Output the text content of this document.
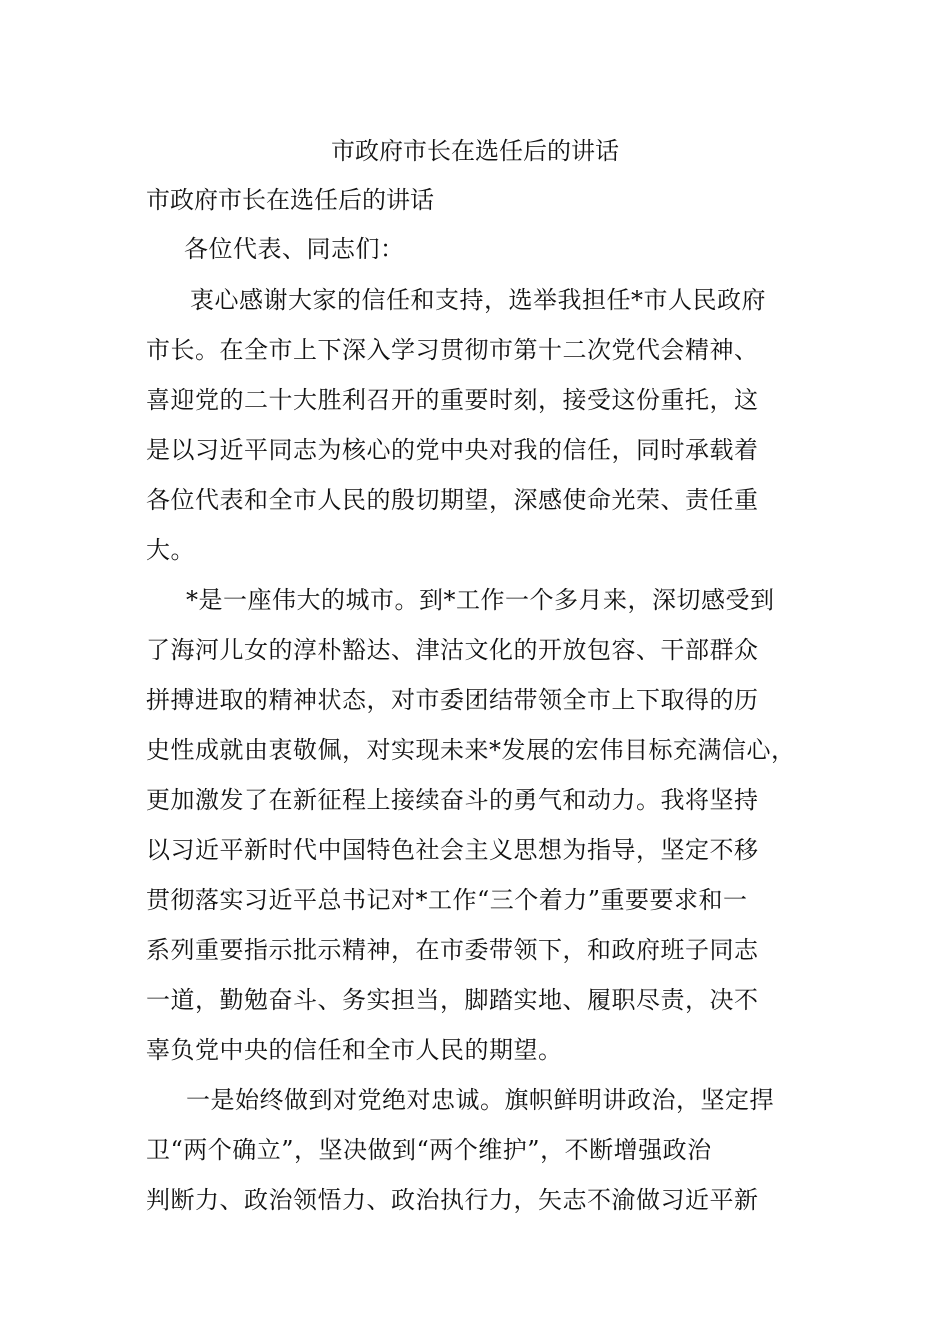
市政府市长在选任后的讲话
市政府市长在选任后的讲话
各位代表、同志们：
衷心感谢大家的信任和支持，选举我担任*市人民政府
市长。在全市上下深入学习贯彻市第十二次党代会精神、
喜迎党的二十大胜利召开的重要时刻，接受这份重托，这
是以习近平同志为核心的党中央对我的信任，同时承载着
各位代表和全市人民的殷切期望，深感使命光荣、责任重
大。
*是一座伟大的城市。到*工作一个多月来，深切感受到
了海河儿女的淳朴豁达、津沽文化的开放包容、干部群众
拼搏进取的精神状态，对市委团结带领全市上下取得的历
史性成就由衷敬佩，对实现未来*发展的宏伟目标充满信心，
更加激发了在新征程上接续奋斗的勇气和动力。我将坚持
以习近平新时代中国特色社会主义思想为指导，坚定不移
贯彻落实习近平总书记对*工作“三个着力”重要要求和一
系列重要指示批示精神，在市委带领下，和政府班子同志
一道，勤勉奋斗、务实担当，脚踏实地、履职尽责，决不
辜负党中央的信任和全市人民的期望。
一是始终做到对党绝对忠诚。旗帜鲜明讲政治，坚定捍
卫“两个确立”，坚决做到“两个维护”，不断增强政治
判断力、政治领悟力、政治执行力，矢志不渝做习近平新
